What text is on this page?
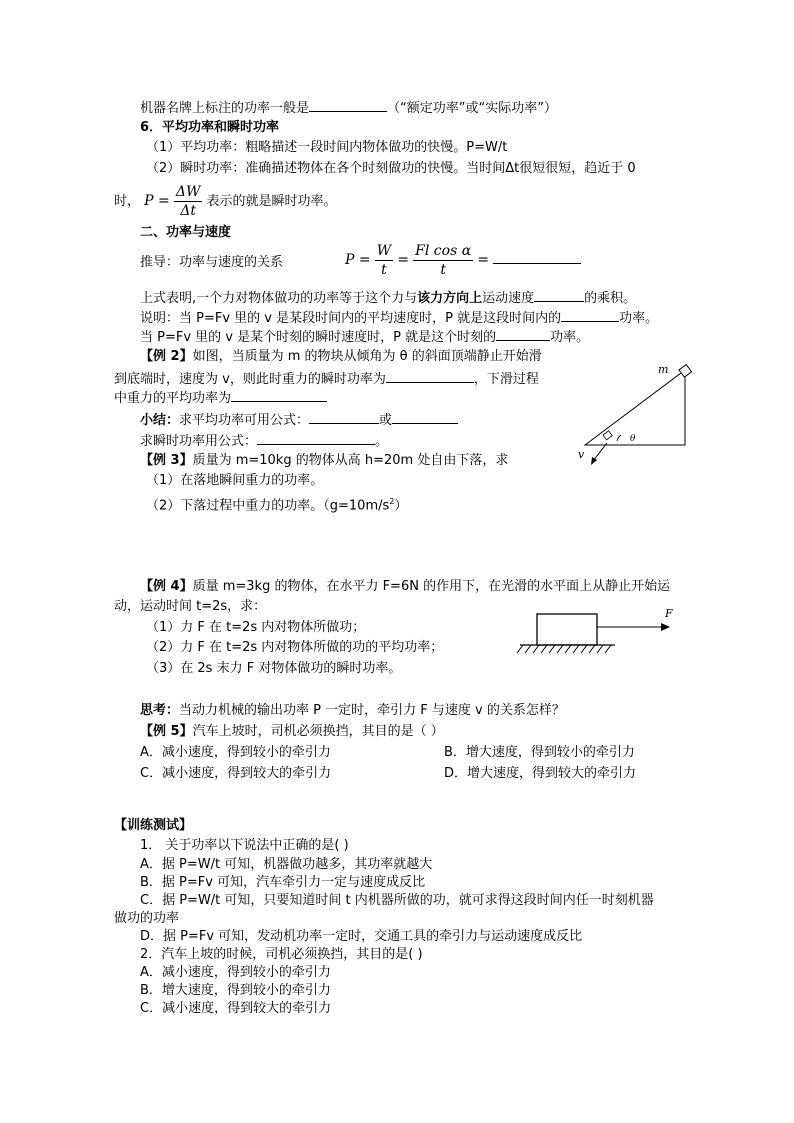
机器名牌上标注的功率一般是	（“额定功率”或“实际功率”）
6．平均功率和瞬时功率
（1）平均功率：粗略描述一段时间内物体做功的快慢。P=W/t
（2）瞬时功率：准确描述物体在各个时刻做功的快慢。当时间Δt很短很短，趋近于 0
时， $P = \frac{\Delta W}{\Delta t}$ 表示的就是瞬时功率。
二、功率与速度
推导：功率与速度的关系	$P = \frac{W}{t} = \frac{\text{Fl cos α}}{t}$ =
上式表明,一个力对物体做功的功率等于这个力与该力方向上运动速度	的乘积。
说明：当 P=Fv 里的 v 是某段时间内的平均速度时，P 就是这段时间内的	功率。
当 P=Fv 里的 v 是某个时刻的瞬时速度时，P 就是这个时刻的	功率。
【例 2】如图，当质量为 m 的物块从倾角为 θ 的斜面顶端静止开始滑
到底端时，速度为 v，则此时重力的瞬时功率为	，下滑过程
中重力的平均功率为
小结：求平均功率可用公式：	或
求瞬时功率用公式：	。
m
θ
v
【例 3】质量为 m=10kg 的物体从高 h=20m 处自由下落，求
（1）在落地瞬间重力的功率。
（2）下落过程中重力的功率。$(g=10m/s^2)$
【例 4】质量 m=3kg 的物体，在水平力 F=6N 的作用下，在光滑的水平面上从静止开始运
动，运动时间 t=2s，求：
（1）力 F 在 t=2s 内对物体所做功；
（2）力 F 在 t=2s 内对物体所做的功的平均功率；
（3）在 2s 末力 F 对物体做功的瞬时功率。
F
思考：当动力机械的输出功率 P 一定时，牵引力 F 与速度 v 的关系怎样？
【例 5】汽车上坡时，司机必须换挡，其目的是（ ）
A．减小速度，得到较小的牵引力	B．增大速度，得到较小的牵引力
C．减小速度，得到较大的牵引力	D．增大速度，得到较大的牵引力
【训练测试】
1． 关于功率以下说法中正确的是( )
A．据 P=W/t 可知，机器做功越多，其功率就越大
B．据 P=Fv 可知，汽车牵引力一定与速度成反比
C．据 P=W/t 可知，只要知道时间 t 内机器所做的功，就可求得这段时间内任一时刻机器
做功的功率
D．据 P=Fv 可知，发动机功率一定时，交通工具的牵引力与运动速度成反比
2．汽车上坡的时候，司机必须换挡，其目的是( )
A．减小速度，得到较小的牵引力
B．增大速度，得到较小的牵引力
C．减小速度，得到较大的牵引力
